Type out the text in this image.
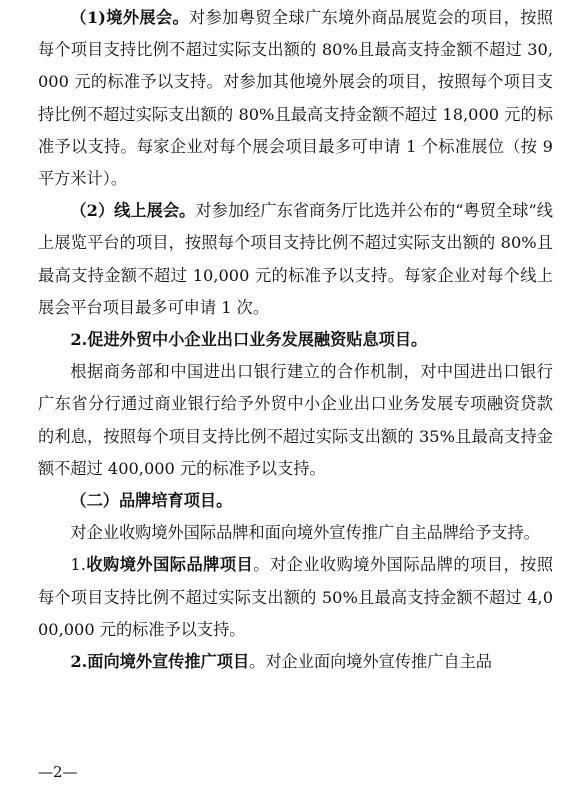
（1)境外展会。对参加粤贸全球广东境外商品展览会的项目，按照每个项目支持比例不超过实际支出额的 80%且最高支持金额不超过 30,000 元的标准予以支持。对参加其他境外展会的项目，按照每个项目支持比例不超过实际支出额的 80%且最高支持金额不超过 18,000 元的标准予以支持。每家企业对每个展会项目最多可申请 1 个标准展位（按 9 平方米计）。

（2）线上展会。对参加经广东省商务厅比选并公布的“粤贸全球”线上展览平台的项目，按照每个项目支持比例不超过实际支出额的 80%且最高支持金额不超过 10,000 元的标准予以支持。每家企业对每个线上展会平台项目最多可申请 1 次。

2.促进外贸中小企业出口业务发展融资贴息项目。

根据商务部和中国进出口银行建立的合作机制，对中国进出口银行广东省分行通过商业银行给予外贸中小企业出口业务发展专项融资贷款的利息，按照每个项目支持比例不超过实际支出额的 35%且最高支持金额不超过 400,000 元的标准予以支持。

（二）品牌培育项目。

对企业收购境外国际品牌和面向境外宣传推广自主品牌给予支持。

1.收购境外国际品牌项目。对企业收购境外国际品牌的项目，按照每个项目支持比例不超过实际支出额的 50%且最高支持金额不超过 4,000,000 元的标准予以支持。

2.面向境外宣传推广项目。对企业面向境外宣传推广自主品

—2—
